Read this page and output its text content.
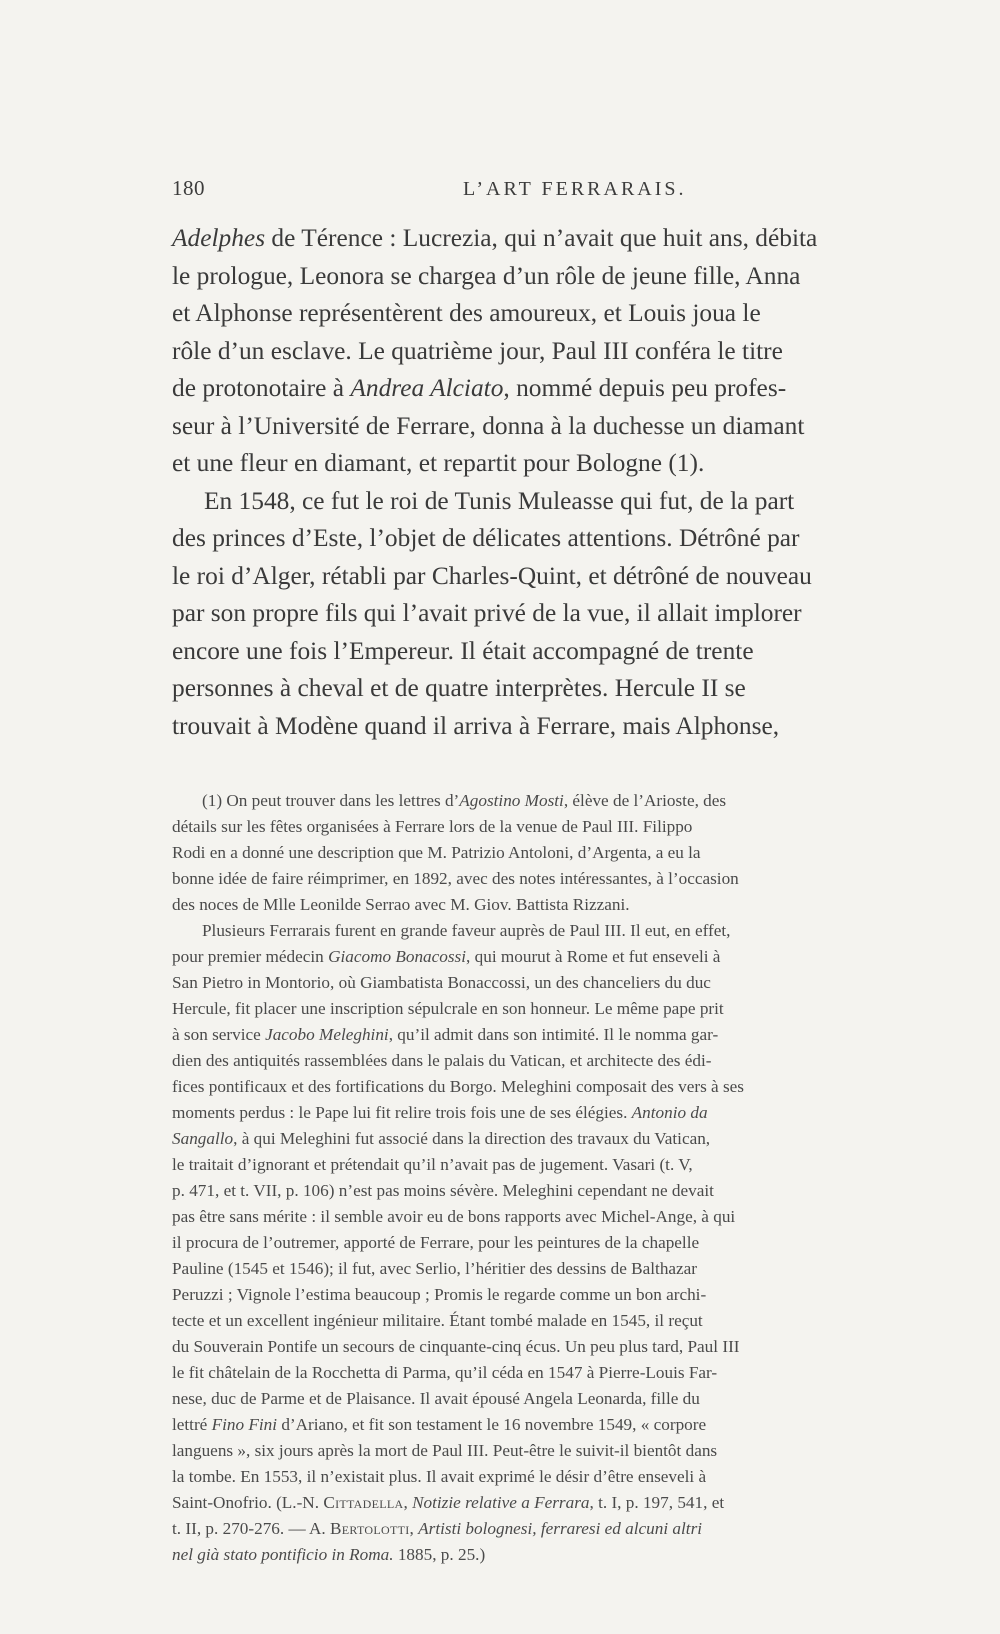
180	L’ART FERRARAIS.
Adelphes de Térence : Lucrezia, qui n’avait que huit ans, débita
le prologue, Leonora se chargea d’un rôle de jeune fille, Anna
et Alphonse représentèrent des amoureux, et Louis joua le
rôle d’un esclave. Le quatrième jour, Paul III conféra le titre
de protonotaire à Andrea Alciato, nommé depuis peu profes-
seur à l’Université de Ferrare, donna à la duchesse un diamant
et une fleur en diamant, et repartit pour Bologne (1).
En 1548, ce fut le roi de Tunis Muleasse qui fut, de la part
des princes d’Este, l’objet de délicates attentions. Détrôné par
le roi d’Alger, rétabli par Charles-Quint, et détrôné de nouveau
par son propre fils qui l’avait privé de la vue, il allait implorer
encore une fois l’Empereur. Il était accompagné de trente
personnes à cheval et de quatre interprètes. Hercule II se
trouvait à Modène quand il arriva à Ferrare, mais Alphonse,
(1) On peut trouver dans les lettres d’Agostino Mosti, élève de l’Arioste, des
détails sur les fêtes organisées à Ferrare lors de la venue de Paul III. Filippo
Rodi en a donné une description que M. Patrizio Antoloni, d’Argenta, a eu la
bonne idée de faire réimprimer, en 1892, avec des notes intéressantes, à l’occasion
des noces de Mlle Leonilde Serrao avec M. Giov. Battista Rizzani.
Plusieurs Ferrarais furent en grande faveur auprès de Paul III. Il eut, en effet,
pour premier médecin Giacomo Bonacossi, qui mourut à Rome et fut enseveli à
San Pietro in Montorio, où Giambatista Bonaccossi, un des chanceliers du duc
Hercule, fit placer une inscription sépulcrale en son honneur. Le même pape prit
à son service Jacobo Meleghini, qu’il admit dans son intimité. Il le nomma gar-
dien des antiquités rassemblées dans le palais du Vatican, et architecte des édi-
fices pontificaux et des fortifications du Borgo. Meleghini composait des vers à ses
moments perdus : le Pape lui fit relire trois fois une de ses élégies. Antonio da
Sangallo, à qui Meleghini fut associé dans la direction des travaux du Vatican,
le traitait d’ignorant et prétendait qu’il n’avait pas de jugement. Vasari (t. V,
p. 471, et t. VII, p. 106) n’est pas moins sévère. Meleghini cependant ne devait
pas être sans mérite : il semble avoir eu de bons rapports avec Michel-Ange, à qui
il procura de l’outremer, apporté de Ferrare, pour les peintures de la chapelle
Pauline (1545 et 1546); il fut, avec Serlio, l’héritier des dessins de Balthazar
Peruzzi ; Vignole l’estima beaucoup ; Promis le regarde comme un bon archi-
tecte et un excellent ingénieur militaire. Étant tombé malade en 1545, il reçut
du Souverain Pontife un secours de cinquante-cinq écus. Un peu plus tard, Paul III
le fit châtelain de la Rocchetta di Parma, qu’il céda en 1547 à Pierre-Louis Far-
nese, duc de Parme et de Plaisance. Il avait épousé Angela Leonarda, fille du
lettré Fino Fini d’Ariano, et fit son testament le 16 novembre 1549, « corpore
languens », six jours après la mort de Paul III. Peut-être le suivit-il bientôt dans
la tombe. En 1553, il n’existait plus. Il avait exprimé le désir d’être enseveli à
Saint-Onofrio. (L.-N. Cittadella, Notizie relative a Ferrara, t. I, p. 197, 541, et
t. II, p. 270-276. — A. Bertolotti, Artisti bolognesi, ferraresi ed alcuni altri
nel già stato pontificio in Roma. 1885, p. 25.)
